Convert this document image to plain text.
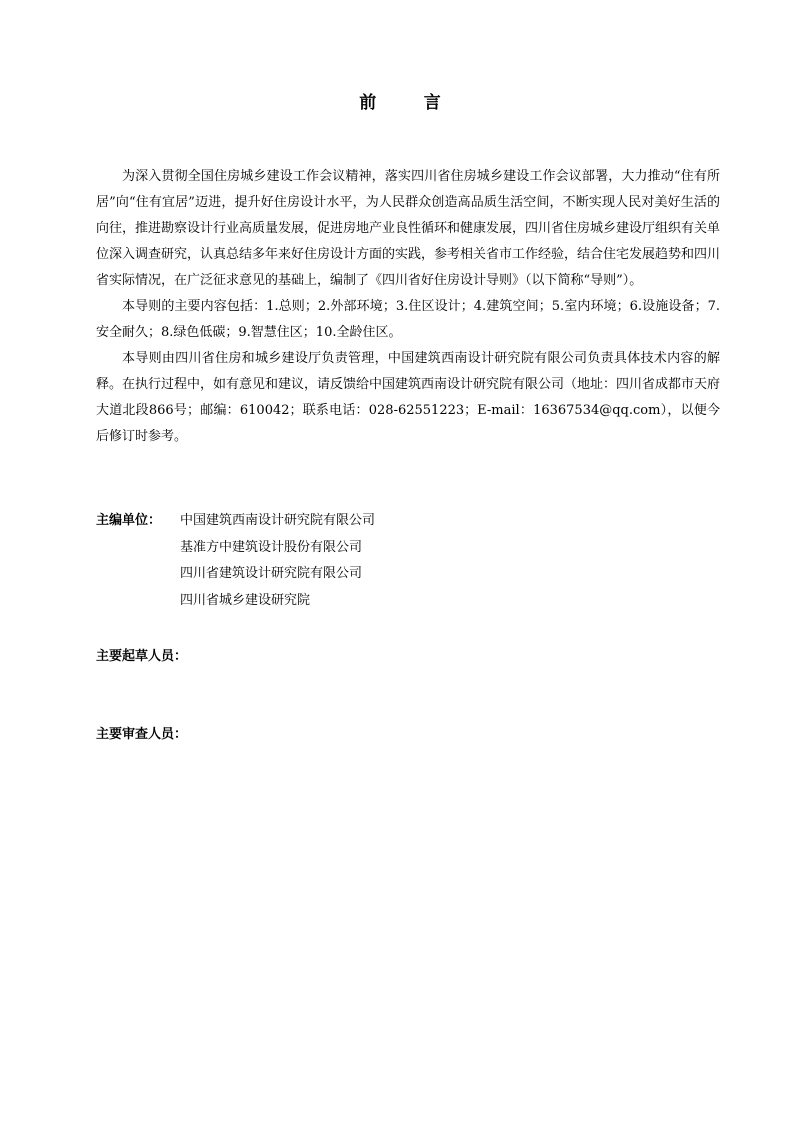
前　言

为深入贯彻全国住房城乡建设工作会议精神，落实四川省住房城乡建设工作会议部署，大力推动“住有所居”向“住有宜居”迈进，提升好住房设计水平，为人民群众创造高品质生活空间，不断实现人民对美好生活的向往，推进勘察设计行业高质量发展，促进房地产业良性循环和健康发展，四川省住房城乡建设厅组织有关单位深入调查研究，认真总结多年来好住房设计方面的实践，参考相关省市工作经验，结合住宅发展趋势和四川省实际情况，在广泛征求意见的基础上，编制了《四川省好住房设计导则》（以下简称“导则”）。

本导则的主要内容包括：1.总则；2.外部环境；3.住区设计；4.建筑空间；5.室内环境；6.设施设备；7.安全耐久；8.绿色低碳；9.智慧住区；10.全龄住区。

本导则由四川省住房和城乡建设厅负责管理，中国建筑西南设计研究院有限公司负责具体技术内容的解释。在执行过程中，如有意见和建议，请反馈给中国建筑西南设计研究院有限公司（地址：四川省成都市天府大道北段866号；邮编：610042；联系电话：028-62551223；E-mail：16367534@qq.com），以便今后修订时参考。

主编单位：	中国建筑西南设计研究院有限公司
基准方中建筑设计股份有限公司
四川省建筑设计研究院有限公司
四川省城乡建设研究院
主要起草人员：
主要审查人员：
